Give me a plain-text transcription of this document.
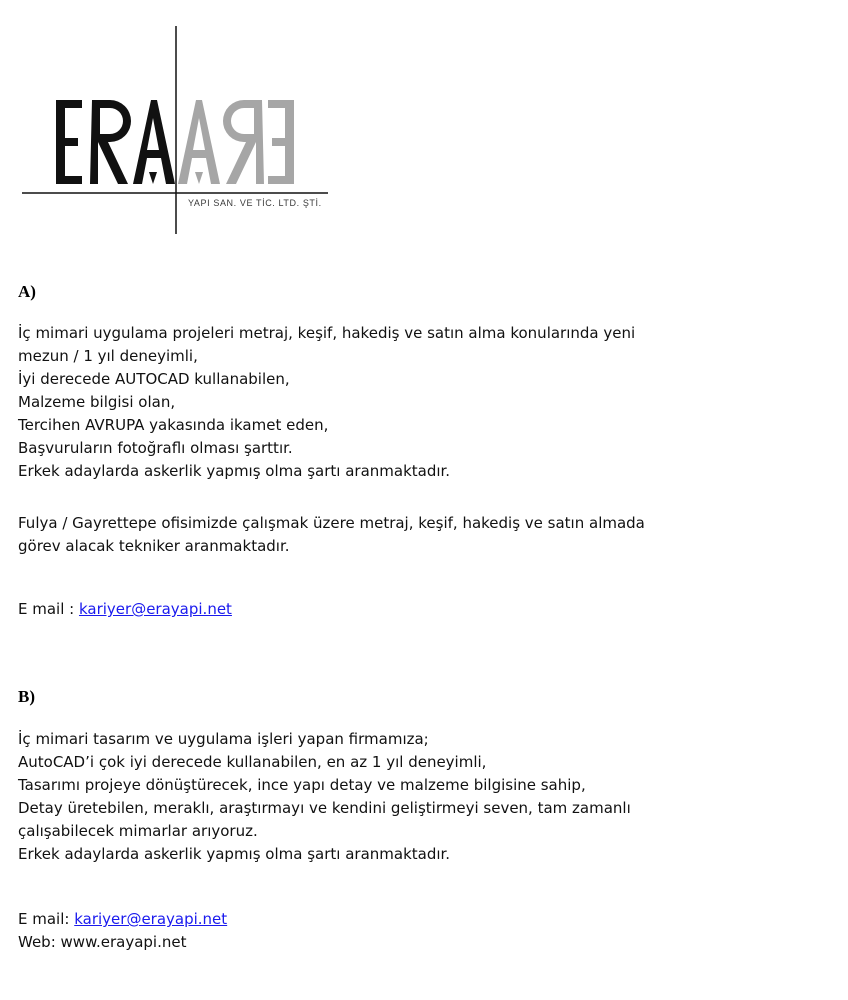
YAPI SAN. VE TİC. LTD. ŞTİ.
A)
İç mimari uygulama projeleri metraj, keşif, hakediş ve satın alma konularında yeni
mezun / 1 yıl deneyimli,
İyi derecede AUTOCAD kullanabilen,
Malzeme bilgisi olan,
Tercihen AVRUPA yakasında ikamet eden,
Başvuruların fotoğraflı olması şarttır.
Erkek adaylarda askerlik yapmış olma şartı aranmaktadır.
Fulya / Gayrettepe ofisimizde çalışmak üzere metraj, keşif, hakediş ve satın almada
görev alacak tekniker aranmaktadır.
E mail : kariyer@erayapi.net
B)
İç mimari tasarım ve uygulama işleri yapan firmamıza;
AutoCAD’i çok iyi derecede kullanabilen, en az 1 yıl deneyimli,
Tasarımı projeye dönüştürecek, ince yapı detay ve malzeme bilgisine sahip,
Detay üretebilen, meraklı, araştırmayı ve kendini geliştirmeyi seven, tam zamanlı
çalışabilecek mimarlar arıyoruz.
Erkek adaylarda askerlik yapmış olma şartı aranmaktadır.
E mail: kariyer@erayapi.net
Web: www.erayapi.net
